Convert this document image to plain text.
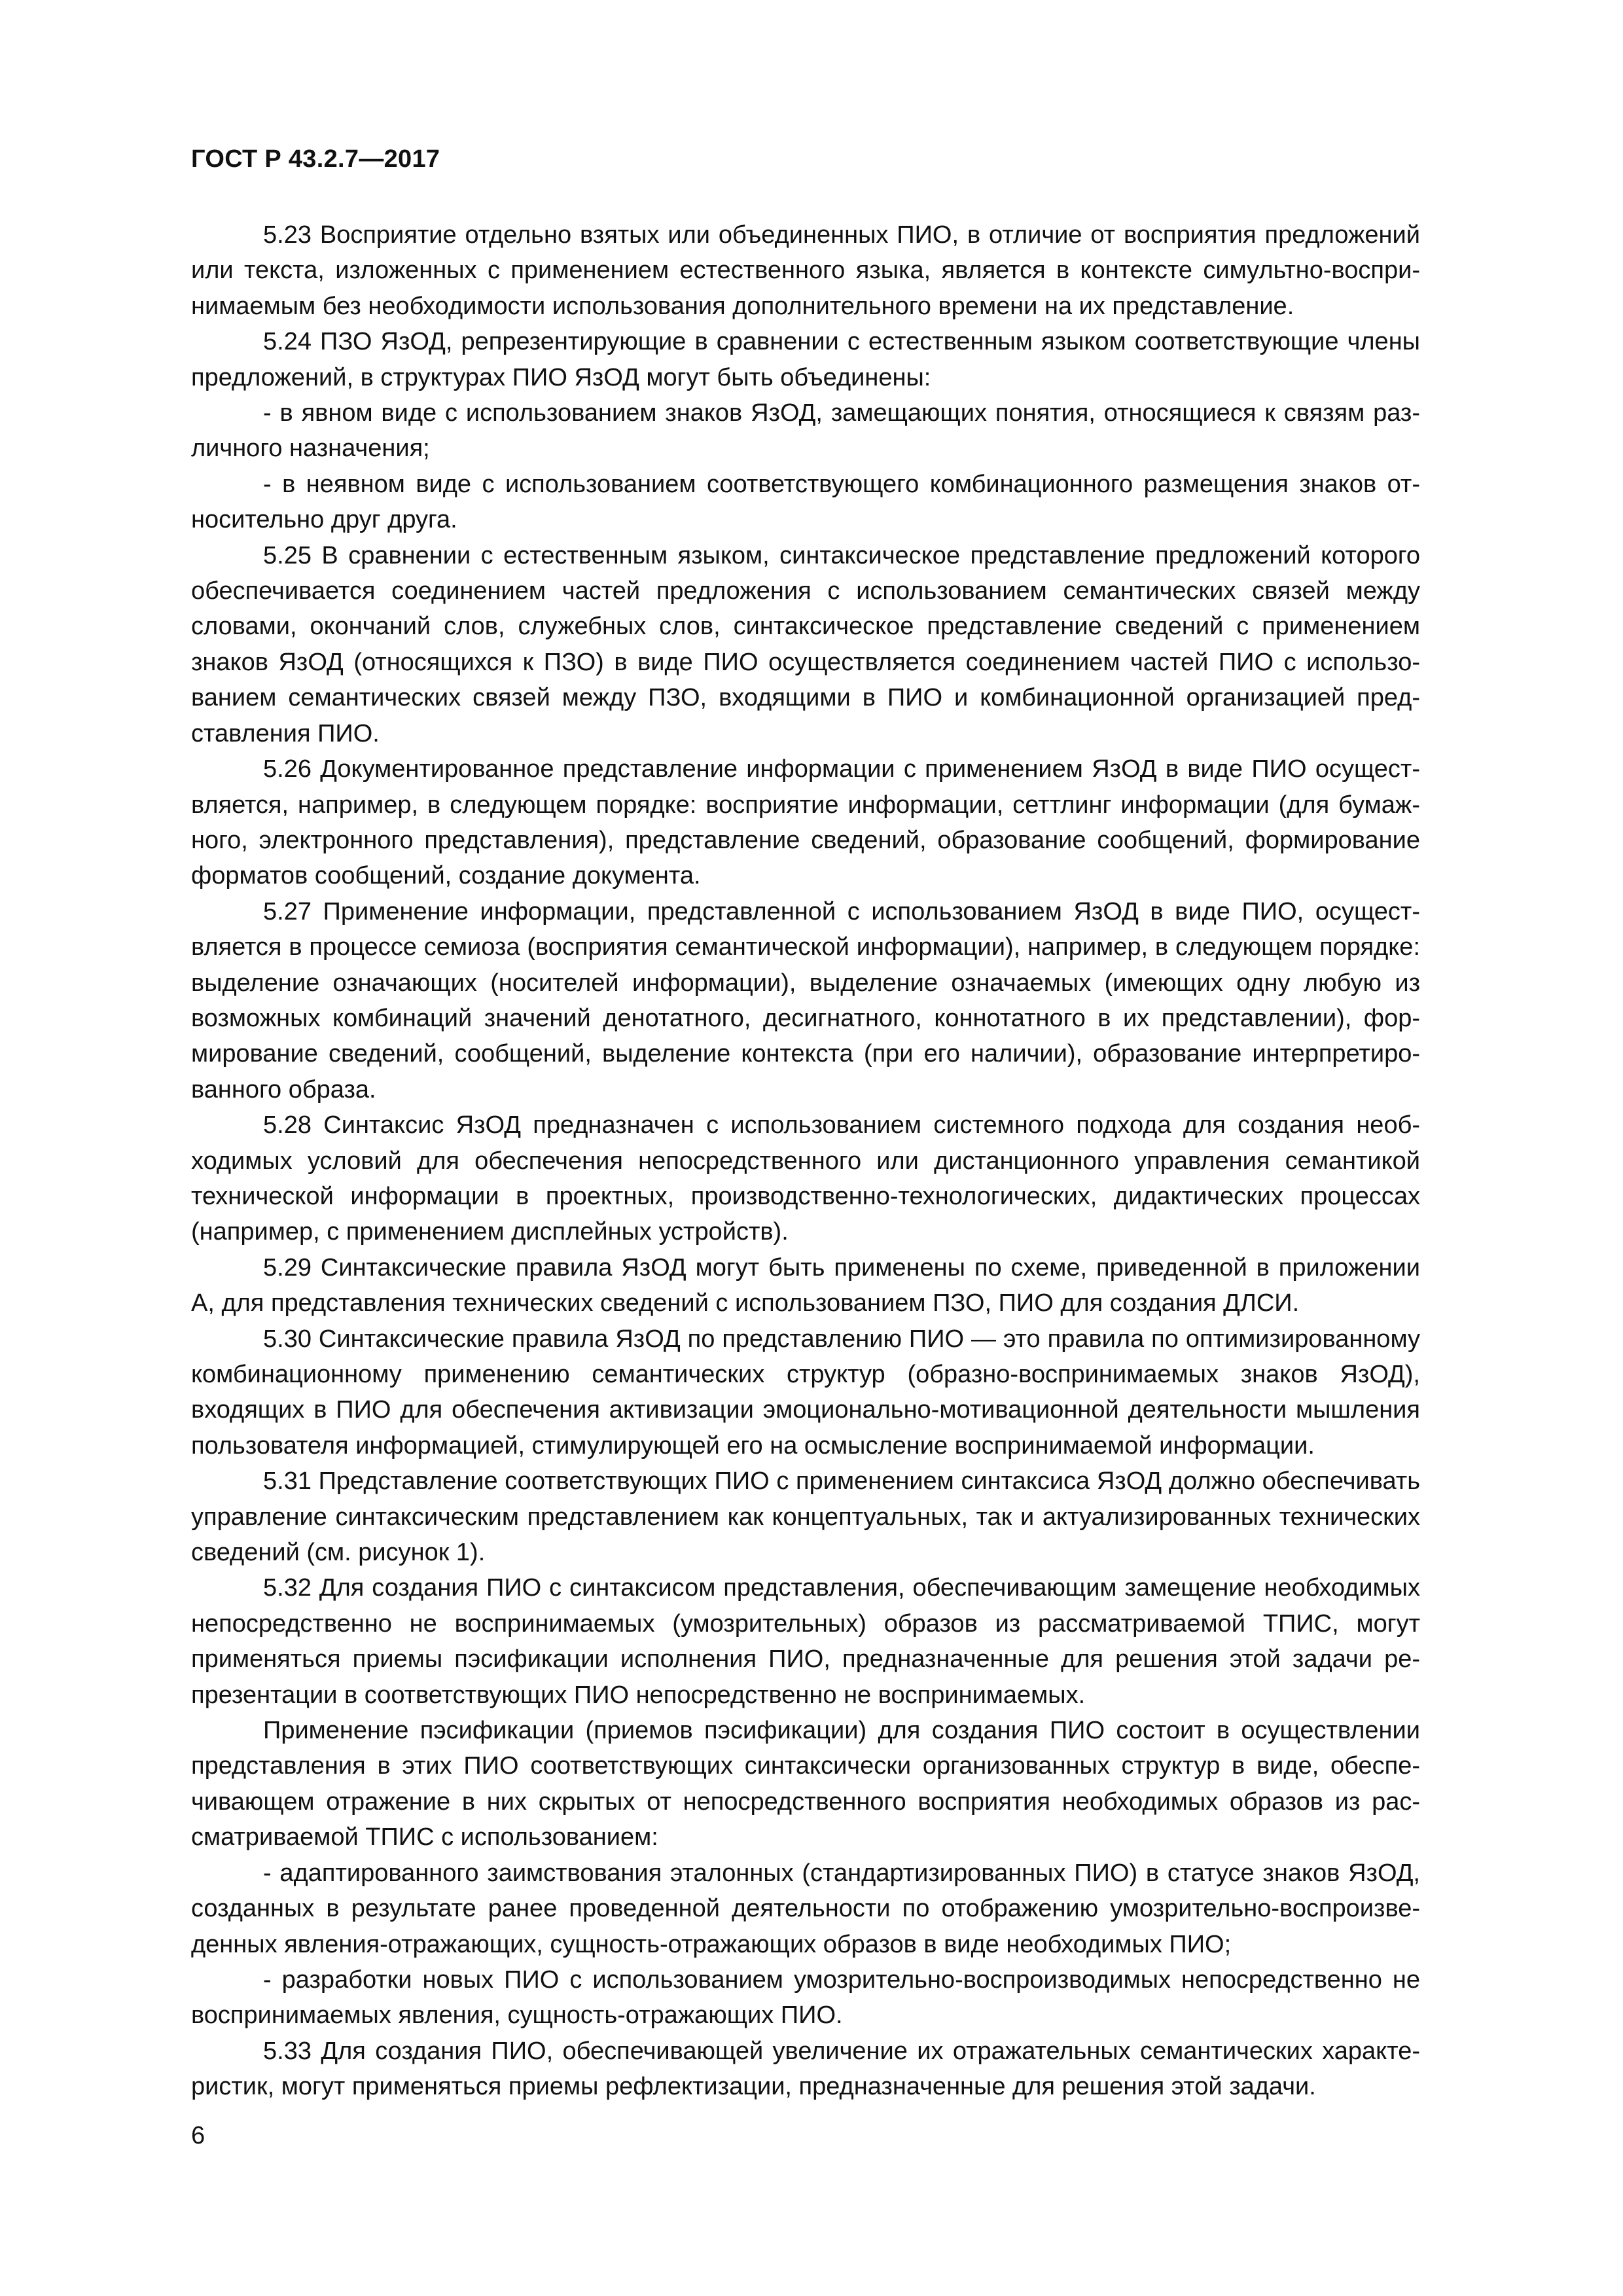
ГОСТ Р 43.2.7—2017

5.23 Восприятие отдельно взятых или объединенных ПИО, в отличие от восприятия предложений или текста, изложенных с применением естественного языка, является в контексте симультно-воспринимаемым без необходимости использования дополнительного времени на их представление.

5.24 ПЗО ЯзОД, репрезентирующие в сравнении с естественным языком соответствующие члены предложений, в структурах ПИО ЯзОД могут быть объединены:

- в явном виде с использованием знаков ЯзОД, замещающих понятия, относящиеся к связям различного назначения;

- в неявном виде с использованием соответствующего комбинационного размещения знаков относительно друг друга.

5.25 В сравнении с естественным языком, синтаксическое представление предложений которого обеспечивается соединением частей предложения с использованием семантических связей между словами, окончаний слов, служебных слов, синтаксическое представление сведений с применением знаков ЯзОД (относящихся к ПЗО) в виде ПИО осуществляется соединением частей ПИО с использованием семантических связей между ПЗО, входящими в ПИО и комбинационной организацией представления ПИО.

5.26 Документированное представление информации с применением ЯзОД в виде ПИО осуществляется, например, в следующем порядке: восприятие информации, сеттлинг информации (для бумажного, электронного представления), представление сведений, образование сообщений, формирование форматов сообщений, создание документа.

5.27 Применение информации, представленной с использованием ЯзОД в виде ПИО, осуществляется в процессе семиоза (восприятия семантической информации), например, в следующем порядке: выделение означающих (носителей информации), выделение означаемых (имеющих одну любую из возможных комбинаций значений денотатного, десигнатного, коннотатного в их представлении), формирование сведений, сообщений, выделение контекста (при его наличии), образование интерпретированного образа.

5.28 Синтаксис ЯзОД предназначен с использованием системного подхода для создания необходимых условий для обеспечения непосредственного или дистанционного управления семантикой технической информации в проектных, производственно-технологических, дидактических процессах (например, с применением дисплейных устройств).

5.29 Синтаксические правила ЯзОД могут быть применены по схеме, приведенной в приложении А, для представления технических сведений с использованием ПЗО, ПИО для создания ДЛСИ.

5.30 Синтаксические правила ЯзОД по представлению ПИО — это правила по оптимизированному комбинационному применению семантических структур (образно-воспринимаемых знаков ЯзОД), входящих в ПИО для обеспечения активизации эмоционально-мотивационной деятельности мышления пользователя информацией, стимулирующей его на осмысление воспринимаемой информации.

5.31 Представление соответствующих ПИО с применением синтаксиса ЯзОД должно обеспечивать управление синтаксическим представлением как концептуальных, так и актуализированных технических сведений (см. рисунок 1).

5.32 Для создания ПИО с синтаксисом представления, обеспечивающим замещение необходимых непосредственно не воспринимаемых (умозрительных) образов из рассматриваемой ТПИС, могут применяться приемы пэсификации исполнения ПИО, предназначенные для решения этой задачи репрезентации в соответствующих ПИО непосредственно не воспринимаемых.

Применение пэсификации (приемов пэсификации) для создания ПИО состоит в осуществлении представления в этих ПИО соответствующих синтаксически организованных структур в виде, обеспечивающем отражение в них скрытых от непосредственного восприятия необходимых образов из рассматриваемой ТПИС с использованием:

- адаптированного заимствования эталонных (стандартизированных ПИО) в статусе знаков ЯзОД, созданных в результате ранее проведенной деятельности по отображению умозрительно-воспроизведенных явления-отражающих, сущность-отражающих образов в виде необходимых ПИО;

- разработки новых ПИО с использованием умозрительно-воспроизводимых непосредственно не воспринимаемых явления, сущность-отражающих ПИО.

5.33 Для создания ПИО, обеспечивающей увеличение их отражательных семантических характеристик, могут применяться приемы рефлектизации, предназначенные для решения этой задачи.

6
